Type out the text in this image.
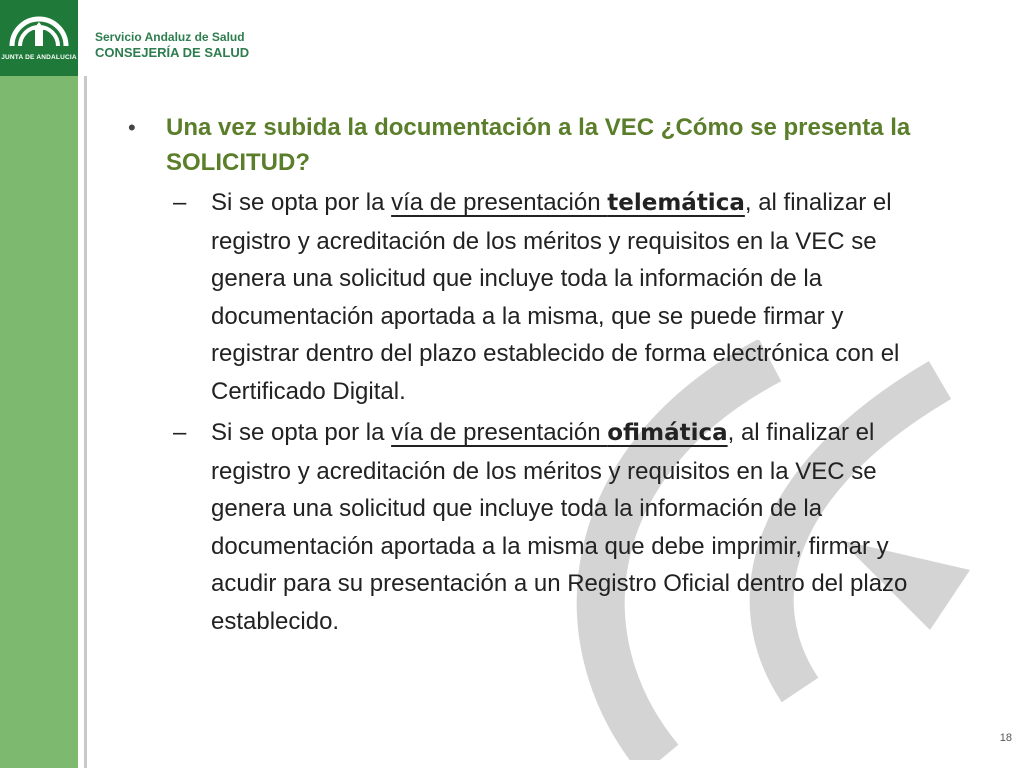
JUNTA DE ANDALUCIA
Servicio Andaluz de Salud
CONSEJERÍA DE SALUD
• Una vez subida la documentación a la VEC ¿Cómo se presenta la SOLICITUD?
– Si se opta por la vía de presentación telemática, al finalizar el registro y acreditación de los méritos y requisitos en la VEC se genera una solicitud que incluye toda la información de la documentación aportada a la misma, que se puede firmar y registrar dentro del plazo establecido de forma electrónica con el Certificado Digital.
– Si se opta por la vía de presentación ofimática, al finalizar el registro y acreditación de los méritos y requisitos en la VEC se genera una solicitud que incluye toda la información de la documentación aportada a la misma que debe imprimir, firmar y acudir para su presentación a un Registro Oficial dentro del plazo establecido.
18
